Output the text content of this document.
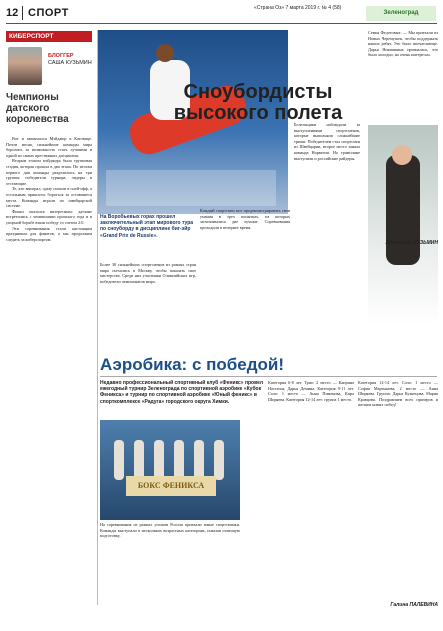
12 СПОРТ	«Страна Оз» 7 марта 2019 г. № 4 (58)
Зеленоград
КИБЕРСПОРТ
БЛОГГЕР
САША КУЗЬМИН
Чемпионы датского королевства

Вот и закончился Мэйджор в Катовице. Почти месяц сильнейшие команды мира боролись за возможность стать лучшими в одной из самых престижных дисциплин.

Вторым этапом мэйджора была групповая стадия, которая прошла в два этапа. По итогам первого дня команды разделились на три группы: победители турнира, лидеры и отстающие.

Те, кто выиграл, сразу попали в плей-офф, а остальным пришлось бороться за оставшиеся места. Команды играли по швейцарской системе.

Финал оказался интересным: датчане встретились с чемпионами прошлого года и в упорной борьбе взяли победу со счетом 2:0.

Эти соревнования стали настоящим праздником для фанатов, а мы продолжим следить за киберспортом.

Сноубордисты высокого полета
На Воробьевых горах прошел заключительный этап мирового тура по сноуборду в дисциплине биг-эйр «Grand Prix de Russie».
Более 30 сильнейших спортсменов из разных стран мира съехались в Москву, чтобы показать свое мастерство. Среди них участники Олимпийских игр, победители чемпионатов мира.
Каждый спортсмен мог продемонстрировать свои умения в трех попытках, из которых засчитывались две лучшие. Соревнования проходили в вечернее время.
Болельщики наблюдали за выступлениями спортсменов, которые выполняли сложнейшие трюки. Победителем стал спортсмен из Швейцарии, второе место заняла команда Норвегии. На трамплине выступили и российские райдеры.
Семья Федотовых: — Мы приехали из Новых Черемушек, чтобы поддержать наших ребят. Это было впечатляюще. Дарья Никишкина призналась, что было холодно, но очень интересно.
Александр КУЗЬМИН
Аэробика: с победой!
Недавно профессиональный спортивный клуб «Феникс» провел ежегодный турнир Зеленограда по спортивной аэробике «Кубок Феникса» и турнир по спортивной аэробике «Юный феникс» в спорткомплексе «Радуга» городского округа Химки.
БОКС ФЕНИКСА
На соревнования из разных уголков России приехали юные спортсменки. Команды выступали в нескольких возрастных категориях, показав отличную подготовку.
Категория 6-8 лет. Трио: 2 место — Каприна Настасья, Дарья Демина. Категория 9-11 лет. Соло: 1 место — Анна Пименова, Кира Ширяева. Категория 12-14 лет: группа 1 место.
Категория 12-14 лет. Соло: 1 место — София Мартынова, 2 место — Анна Ширяева. Группа: Дарья Кузнецова, Мария Кравцова. Поздравляем всех призеров и желаем новых побед!
Галина ПАЛЕВИНА
